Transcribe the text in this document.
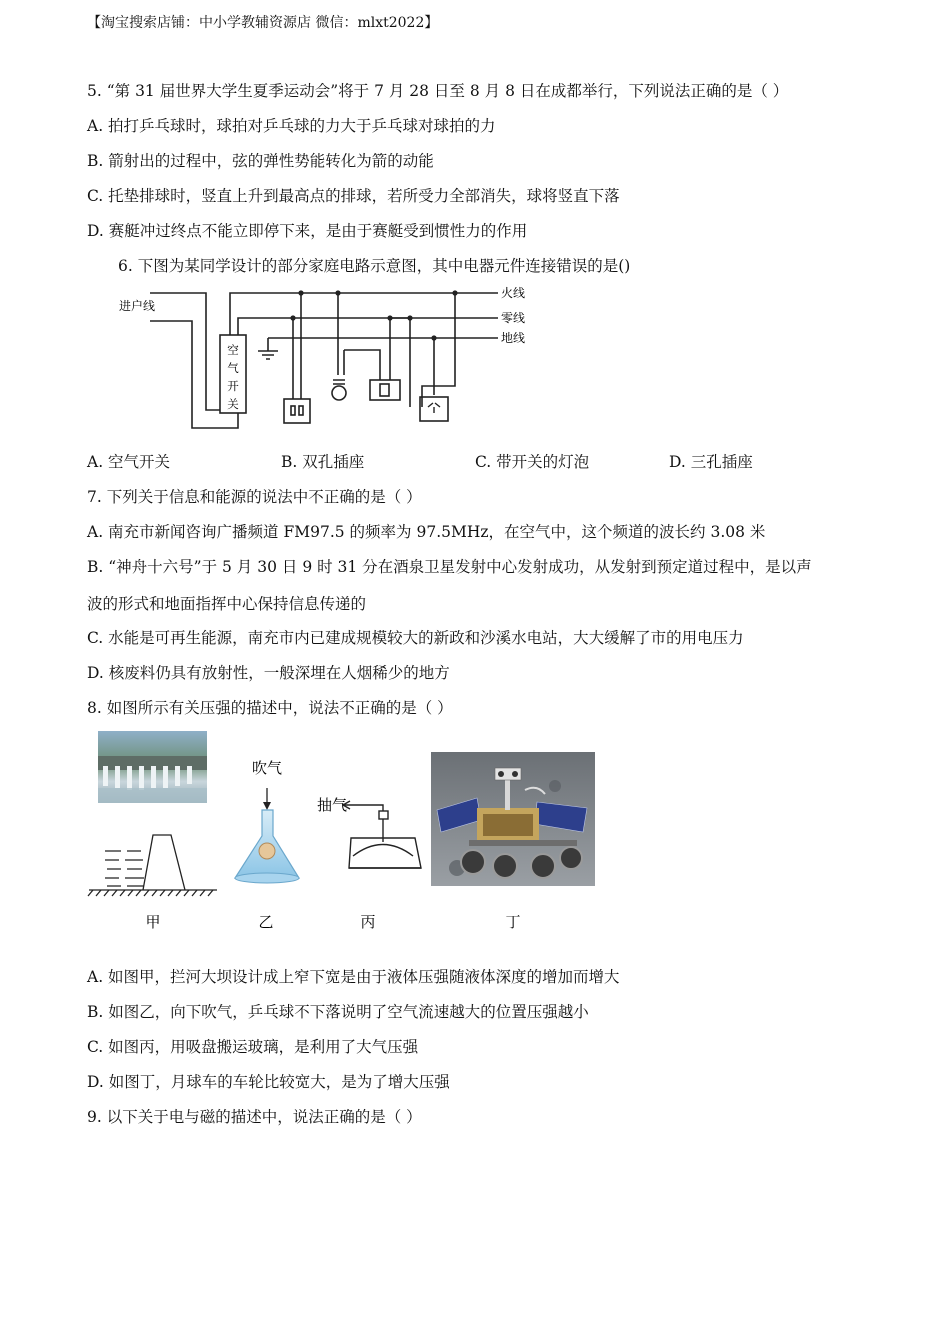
【淘宝搜索店铺：中小学教辅资源店 微信：mlxt2022】
5. “第 31 届世界大学生夏季运动会”将于 7 月 28 日至 8 月 8 日在成都举行，下列说法正确的是（ ）
A. 拍打乒乓球时，球拍对乒乓球的力大于乒乓球对球拍的力
B. 箭射出的过程中，弦的弹性势能转化为箭的动能
C. 托垫排球时，竖直上升到最高点的排球，若所受力全部消失，球将竖直下落
D. 赛艇冲过终点不能立即停下来，是由于赛艇受到惯性力的作用
6. 下图为某同学设计的部分家庭电路示意图，其中电器元件连接错误的是()
空
气
开
关
进户线
火线
零线
地线
A. 空气开关	B. 双孔插座	C. 带开关的灯泡	D. 三孔插座
7. 下列关于信息和能源的说法中不正确的是（ ）
A. 南充市新闻咨询广播频道 FM97.5 的频率为 97.5MHz，在空气中，这个频道的波长约 3.08 米
B. “神舟十六号”于 5 月 30 日 9 时 31 分在酒泉卫星发射中心发射成功，从发射到预定道过程中，是以声
波的形式和地面指挥中心保持信息传递的
C. 水能是可再生能源，南充市内已建成规模较大的新政和沙溪水电站，大大缓解了市的用电压力
D. 核废料仍具有放射性，一般深埋在人烟稀少的地方
8. 如图所示有关压强的描述中，说法不正确的是（ ）
吹气
抽气
甲	乙	丙	丁
A. 如图甲，拦河大坝设计成上窄下宽是由于液体压强随液体深度的增加而增大
B. 如图乙，向下吹气，乒乓球不下落说明了空气流速越大的位置压强越小
C. 如图丙，用吸盘搬运玻璃，是利用了大气压强
D. 如图丁，月球车的车轮比较宽大，是为了增大压强
9. 以下关于电与磁的描述中，说法正确的是（ ）
